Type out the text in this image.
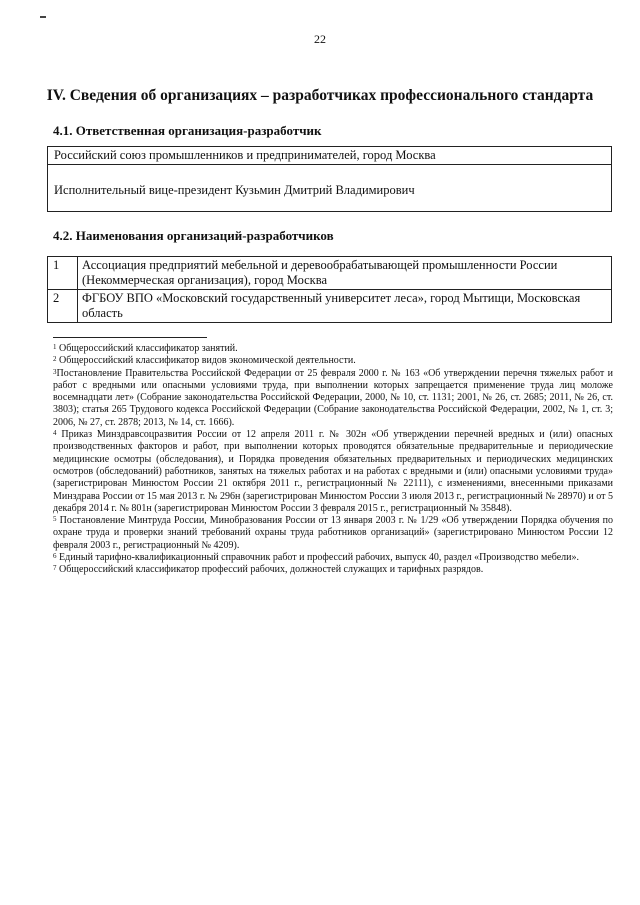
22
IV. Сведения об организациях – разработчиках профессионального стандарта
4.1. Ответственная организация-разработчик
Российский союз промышленников и предпринимателей, город Москва
Исполнительный вице-президент Кузьмин Дмитрий Владимирович
4.2. Наименования организаций-разработчиков
1	Ассоциация предприятий мебельной и деревообрабатывающей промышленности России (Некоммерческая организация), город Москва
2	ФГБОУ ВПО «Московский государственный университет леса», город Мытищи, Московская область

$^1$ Общероссийский классификатор занятий.

$^2$ Общероссийский классификатор видов экономической деятельности.

$^3$Постановление Правительства Российской Федерации от 25 февраля 2000 г. № 163 «Об утверждении перечня тяжелых работ и работ с вредными или опасными условиями труда, при выполнении которых запрещается применение труда лиц моложе восемнадцати лет» (Собрание законодательства Российской Федерации, 2000, № 10, ст. 1131; 2001, № 26, ст. 2685; 2011, № 26, ст. 3803); статья 265 Трудового кодекса Российской Федерации (Собрание законодательства Российской Федерации, 2002, № 1, ст. 3; 2006, № 27, ст. 2878; 2013, № 14, ст. 1666).

$^4$ Приказ Минздравсоцразвития России от 12 апреля 2011 г. № 302н «Об утверждении перечней вредных и (или) опасных производственных факторов и работ, при выполнении которых проводятся обязательные предварительные и периодические медицинские осмотры (обследования), и Порядка проведения обязательных предварительных и периодических медицинских осмотров (обследований) работников, занятых на тяжелых работах и на работах с вредными и (или) опасными условиями труда» (зарегистрирован Минюстом России 21 октября 2011 г., регистрационный № 22111), с изменениями, внесенными приказами Минздрава России от 15 мая 2013 г. № 296н (зарегистрирован Минюстом России 3 июля 2013 г., регистрационный № 28970) и от 5 декабря 2014 г. № 801н (зарегистрирован Минюстом России 3 февраля 2015 г., регистрационный № 35848).

$^5$ Постановление Минтруда России, Минобразования России от 13 января 2003 г. № 1/29 «Об утверждении Порядка обучения по охране труда и проверки знаний требований охраны труда работников организаций» (зарегистрировано Минюстом России 12 февраля 2003 г., регистрационный № 4209).

$^6$ Единый тарифно-квалификационный справочник работ и профессий рабочих, выпуск 40, раздел «Производство мебели».

$^7$ Общероссийский классификатор профессий рабочих, должностей служащих и тарифных разрядов.
